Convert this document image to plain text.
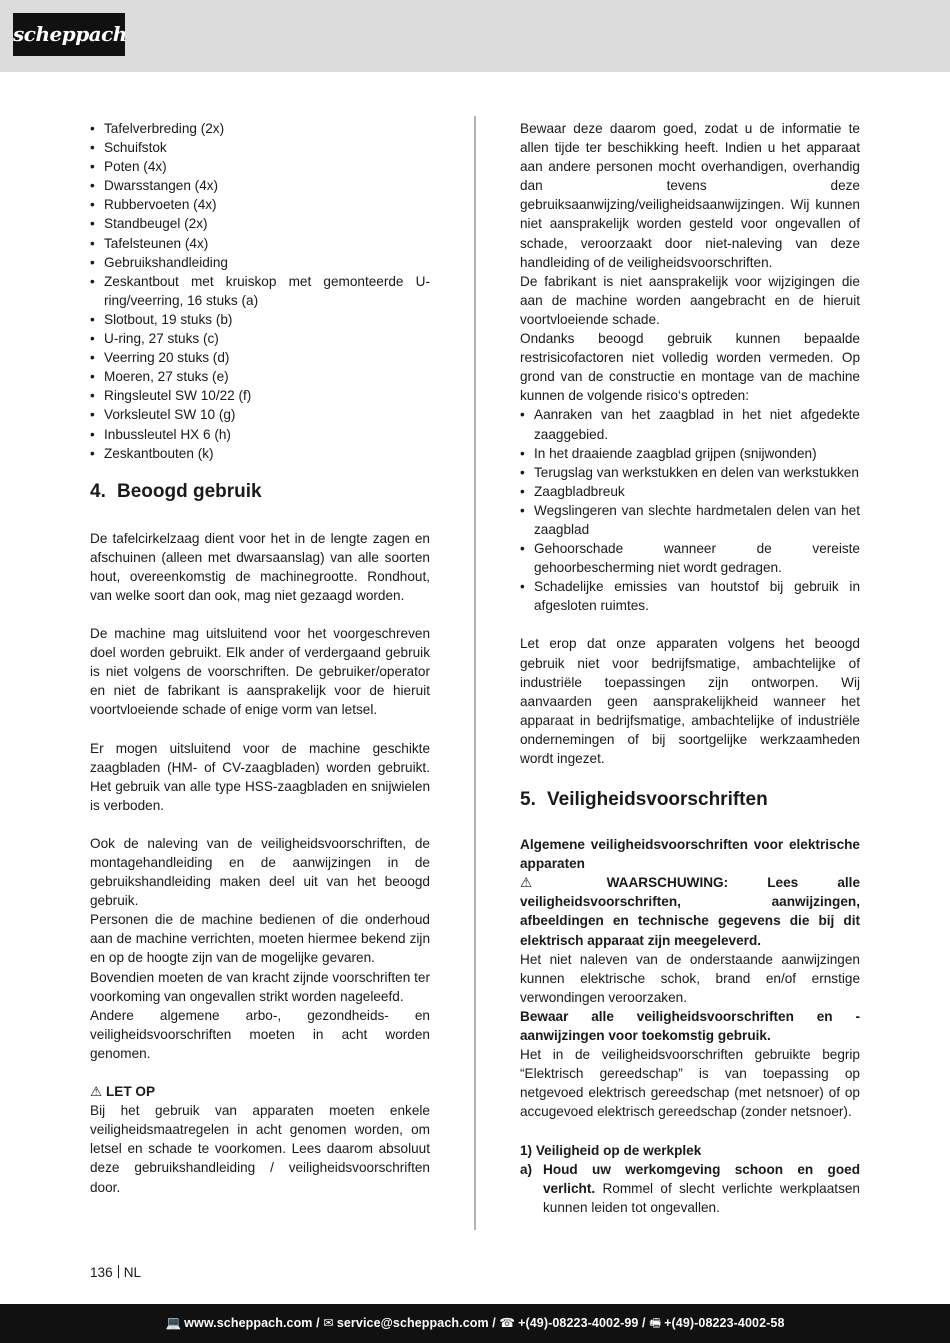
scheppach
• Tafelverbreding (2x)
• Schuifstok
• Poten (4x)
• Dwarsstangen (4x)
• Rubbervoeten (4x)
• Standbeugel (2x)
• Tafelsteunen (4x)
• Gebruikshandleiding
• Zeskantbout met kruiskop met gemonteerde U-ring/veerring, 16 stuks (a)
• Slotbout, 19 stuks (b)
• U-ring, 27 stuks (c)
• Veerring 20 stuks (d)
• Moeren, 27 stuks (e)
• Ringsleutel SW 10/22 (f)
• Vorksleutel SW 10 (g)
• Inbussleutel HX 6 (h)
• Zeskantbouten (k)
4. Beoogd gebruik

De tafelcirkelzaag dient voor het in de lengte zagen en afschuinen (alleen met dwarsaanslag) van alle soorten hout, overeenkomstig de machinegrootte. Rondhout, van welke soort dan ook, mag niet gezaagd worden.

De machine mag uitsluitend voor het voorgeschreven doel worden gebruikt. Elk ander of verdergaand gebruik is niet volgens de voorschriften. De gebruiker/operator en niet de fabrikant is aansprakelijk voor de hieruit voortvloeiende schade of enige vorm van letsel.

Er mogen uitsluitend voor de machine geschikte zaagbladen (HM- of CV-zaagbladen) worden gebruikt. Het gebruik van alle type HSS-zaagbladen en snijwielen is verboden.

Ook de naleving van de veiligheidsvoorschriften, de montagehandleiding en de aanwijzingen in de gebruikshandleiding maken deel uit van het beoogd gebruik.

Personen die de machine bedienen of die onderhoud aan de machine verrichten, moeten hiermee bekend zijn en op de hoogte zijn van de mogelijke gevaren.

Bovendien moeten de van kracht zijnde voorschriften ter voorkoming van ongevallen strikt worden nageleefd.

Andere algemene arbo-, gezondheids- en veiligheidsvoorschriften moeten in acht worden genomen.

⚠ LET OP

Bij het gebruik van apparaten moeten enkele veiligheidsmaatregelen in acht genomen worden, om letsel en schade te voorkomen. Lees daarom absoluut deze gebruikshandleiding / veiligheidsvoorschriften door.

Bewaar deze daarom goed, zodat u de informatie te allen tijde ter beschikking heeft. Indien u het apparaat aan andere personen mocht overhandigen, overhandig dan tevens deze gebruiksaanwijzing/veiligheidsaanwijzingen. Wij kunnen niet aansprakelijk worden gesteld voor ongevallen of schade, veroorzaakt door niet-naleving van deze handleiding of de veiligheidsvoorschriften.

De fabrikant is niet aansprakelijk voor wijzigingen die aan de machine worden aangebracht en de hieruit voortvloeiende schade.

Ondanks beoogd gebruik kunnen bepaalde restrisicofactoren niet volledig worden vermeden. Op grond van de constructie en montage van de machine kunnen de volgende risico‘s optreden:

• Aanraken van het zaagblad in het niet afgedekte zaaggebied.
• In het draaiende zaagblad grijpen (snijwonden)
• Terugslag van werkstukken en delen van werkstukken
• Zaagbladbreuk
• Wegslingeren van slechte hardmetalen delen van het zaagblad
• Gehoorschade wanneer de vereiste gehoorbescherming niet wordt gedragen.
• Schadelijke emissies van houtstof bij gebruik in afgesloten ruimtes.

Let erop dat onze apparaten volgens het beoogd gebruik niet voor bedrijfsmatige, ambachtelijke of industriële toepassingen zijn ontworpen. Wij aanvaarden geen aansprakelijkheid wanneer het apparaat in bedrijfsmatige, ambachtelijke of industriële ondernemingen of bij soortgelijke werkzaamheden wordt ingezet.

5. Veiligheidsvoorschriften

Algemene veiligheidsvoorschriften voor elektrische apparaten

⚠ WAARSCHUWING: Lees alle veiligheidsvoorschriften, aanwijzingen, afbeeldingen en technische gegevens die bij dit elektrisch apparaat zijn meegeleverd.

Het niet naleven van de onderstaande aanwijzingen kunnen elektrische schok, brand en/of ernstige verwondingen veroorzaken.

Bewaar alle veiligheidsvoorschriften en -aanwijzingen voor toekomstig gebruik.

Het in de veiligheidsvoorschriften gebruikte begrip “Elektrisch gereedschap” is van toepassing op netgevoed elektrisch gereedschap (met netsnoer) of op accugevoed elektrisch gereedschap (zonder netsnoer).

1) Veiligheid op de werkplek
a) Houd uw werkomgeving schoon en goed verlicht. Rommel of slecht verlichte werkplaatsen kunnen leiden tot ongevallen.
136 NL
💻 www.scheppach.com / ✉ service@scheppach.com / ☎ +(49)-08223-4002-99 / 🖷 +(49)-08223-4002-58
